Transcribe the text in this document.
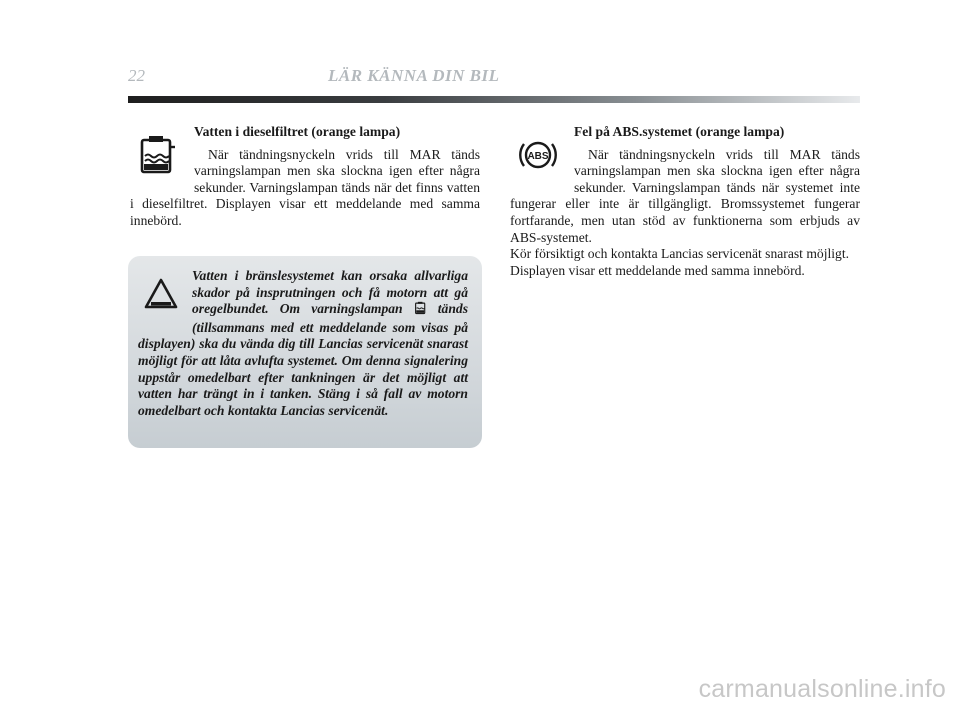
22	LÄR KÄNNA DIN BIL

Vatten i dieselfiltret (orange lampa)

När tändningsnyckeln vrids till MAR tänds varningslampan men ska slockna igen efter några sekunder. Varningslampan tänds när det finns vatten i dieselfiltret. Displayen visar ett meddelande med samma innebörd.

Vatten i bränslesystemet kan orsaka allvarliga skador på insprutningen och få motorn att gå oregelbundet. Om varningslampan	tänds (tillsammans med ett meddelande som visas på displayen) ska du vända dig till Lancias servicenät snarast möjligt för att låta avlufta systemet. Om denna signalering uppstår omedelbart efter tankningen är det möjligt att vatten har trängt in i tanken. Stäng i så fall av motorn omedelbart och kontakta Lancias servicenät.

ABS

Fel på ABS.systemet (orange lampa)

När tändningsnyckeln vrids till MAR tänds varningslampan men ska slockna igen efter några sekunder. Varningslampan tänds när systemet inte fungerar eller inte är tillgängligt. Bromssystemet fungerar fortfarande, men utan stöd av funktionerna som erbjuds av ABS-systemet.

Kör försiktigt och kontakta Lancias servicenät snarast möjligt.

Displayen visar ett meddelande med samma innebörd.

carmanualsonline.info
